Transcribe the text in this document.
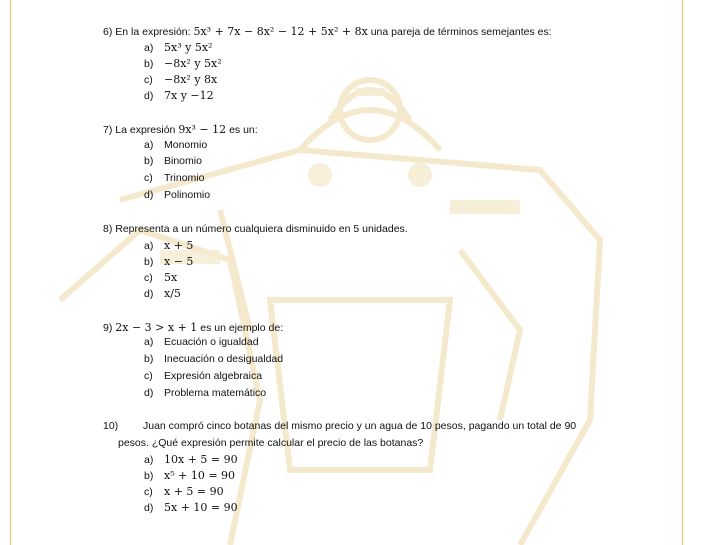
6) En la expresión: 5x³ + 7x − 8x² − 12 + 5x² + 8x una pareja de términos semejantes es:
a) 5x³ y 5x²
b) −8x² y 5x²
c) −8x² y 8x
d) 7x y −12
7) La expresión 9x³ − 12 es un:
a) Monomio
b) Binomio
c) Trinomio
d) Polinomio
8) Representa a un número cualquiera disminuido en 5 unidades.
a) x + 5
b) x − 5
c) 5x
d) x/5
9) 2x − 3 > x + 1 es un ejemplo de:
a) Ecuación o igualdad
b) Inecuación o desigualdad
c) Expresión algebraica
d) Problema matemático
10) Juan compró cinco botanas del mismo precio y un agua de 10 pesos, pagando un total de 90
pesos. ¿Qué expresión permite calcular el precio de las botanas?
a) 10x + 5 = 90
b) x⁵ + 10 = 90
c) x + 5 = 90
d) 5x + 10 = 90
